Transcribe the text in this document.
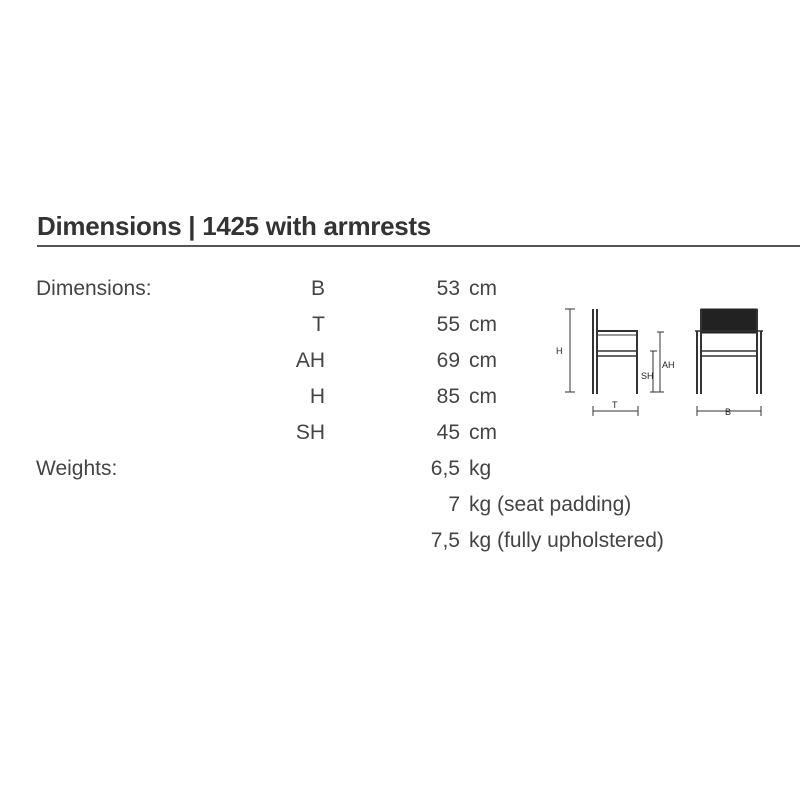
Dimensions | 1425 with armrests
Dimensions:	B	53 cm
T	55 cm
AH	69 cm
H	85 cm
SH	45 cm
Weights:	6,5 kg
7 kg (seat padding)
7,5 kg (fully upholstered)
H
SH
AH
T
B
